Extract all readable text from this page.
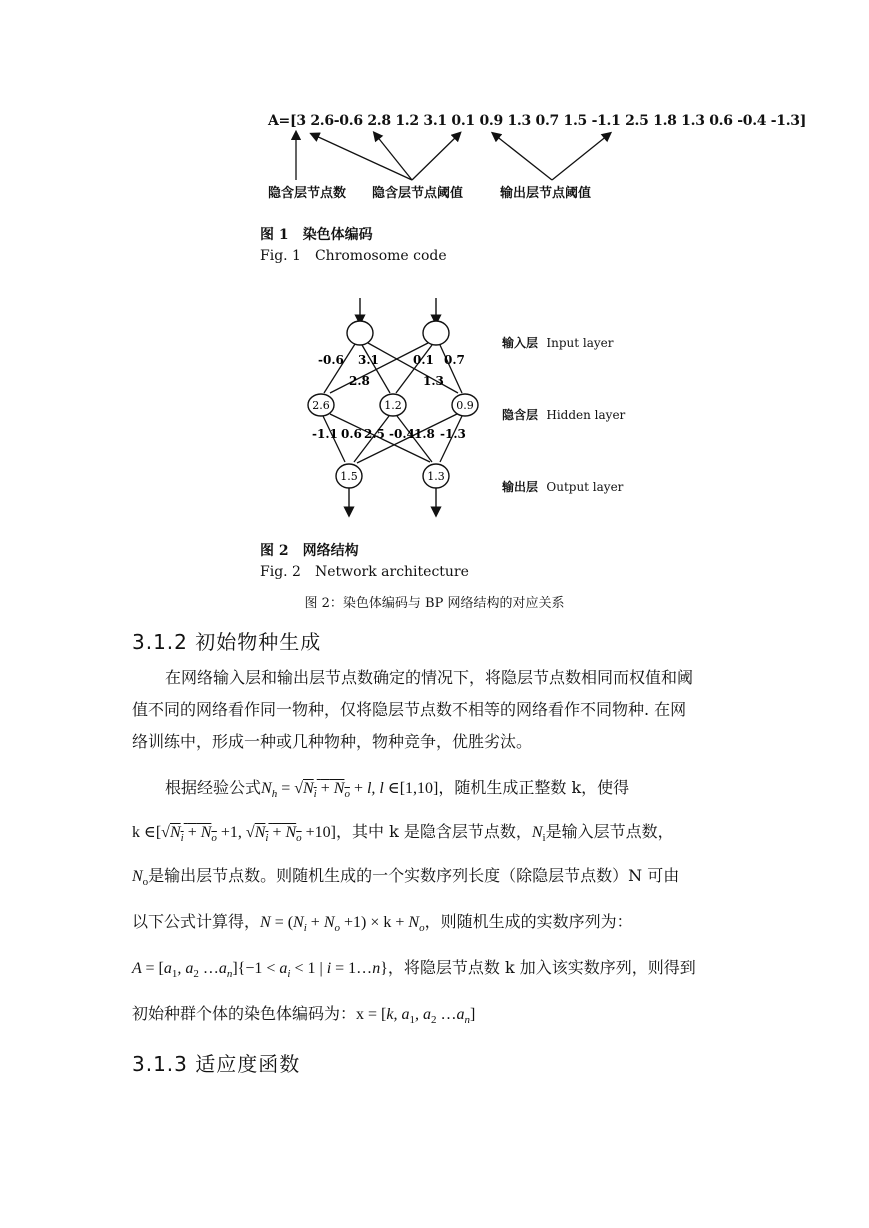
A=[3 2.6-0.6 2.8 1.2 3.1 0.1 0.9 1.3 0.7 1.5 -1.1 2.5 1.8 1.3 0.6 -0.4 -1.3]
隐含层节点数 隐含层节点阈值	输出层节点阈值
图 1　染色体编码
Fig. 1　Chromosome code
2.6	1.2	0.9
1.5	1.3
-0.6 3.1
2.8
0.1
1.3
0.7
-1.1 0.6 2.5 -0.4 1.8 -1.3
输入层 Input layer
隐含层 Hidden layer
输出层 Output layer
图 2　网络结构
Fig. 2　Network architecture
图 2：染色体编码与 BP 网络结构的对应关系
3.1.2 初始物种生成
在网络输入层和输出层节点数确定的情况下，将隐层节点数相同而权值和阈
值不同的网络看作同一物种，仅将隐层节点数不相等的网络看作不同物种. 在网
络训练中，形成一种或几种物种，物种竞争，优胜劣汰。
根据经验公式$N_h = √N_i + N_o + l$, l ∈[1,10]，随机生成正整数 k，使得
k $\in[√N_i + N_o +1$, $√N_i + N_o +10$]，其中 k 是隐含层节点数，$N_i$是输入层节点数，
$N_o$是输出层节点数。则随机生成的一个实数序列长度（除隐层节点数）N 可由
以下公式计算得，$N = (N_i + N_o +1) \times k + N_o$，则随机生成的实数序列为：
$A = [a_1$, $a_2$ $\dots a_n]\{-1 < a_i < 1$ | i = 1…n}，将隐层节点数 k 加入该实数序列，则得到
初始种群个体的染色体编码为：x = [k, $a_1$, $a_2$ $\dots a_n$]
3.1.3 适应度函数
